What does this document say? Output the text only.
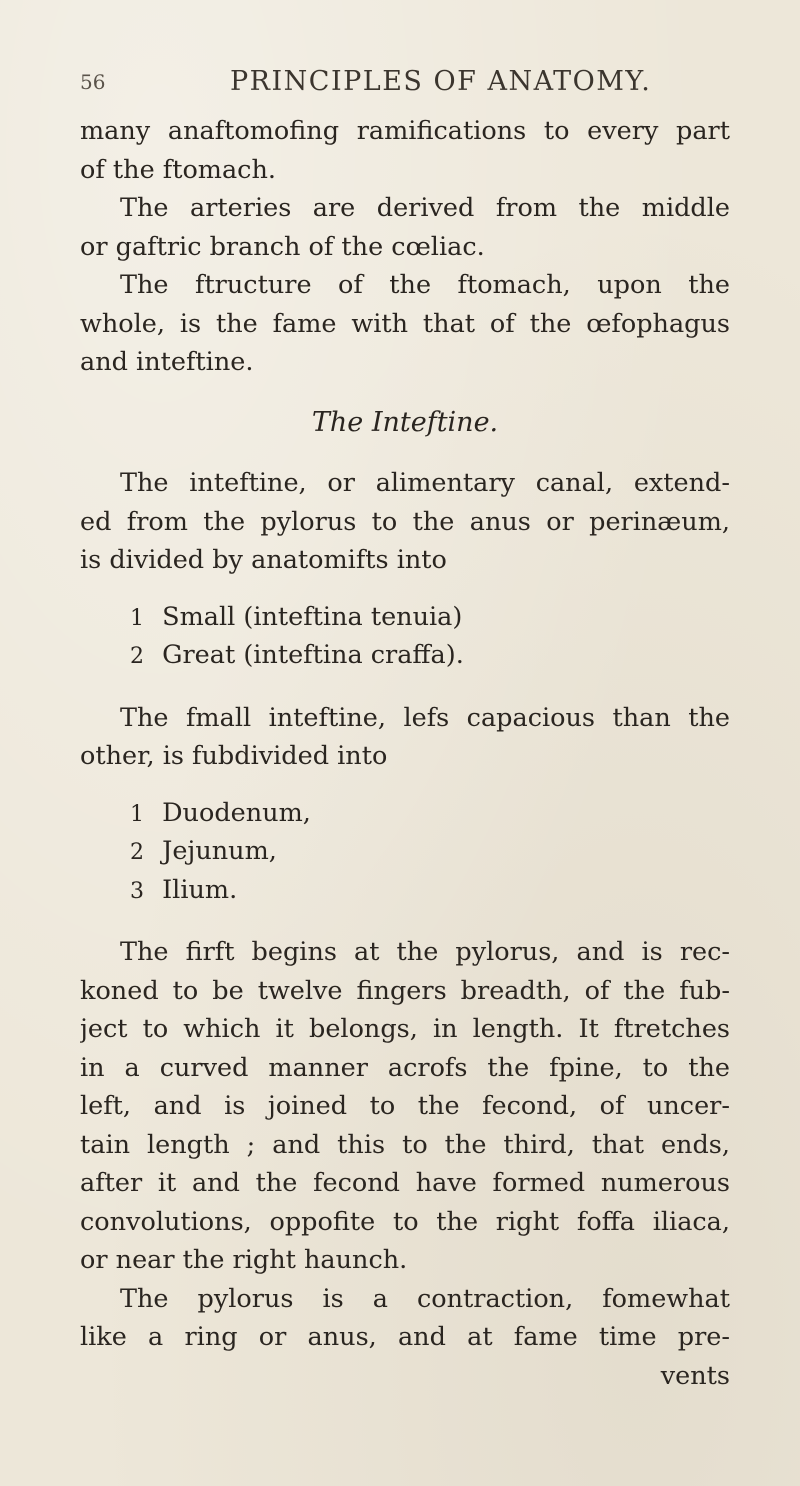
56	PRINCIPLES OF ANATOMY.
many anaftomofing ramifications to every part
of the ftomach.
The arteries are derived from the middle
or gaftric branch of the cœliac.
The ftructure of the ftomach, upon the
whole, is the fame with that of the œfophagus
and inteftine.
The Inteftine.
The inteftine, or alimentary canal, extend-
ed from the pylorus to the anus or perinæum,
is divided by anatomifts into
1 Small (inteftina tenuia)
2 Great (inteftina craffa).
The fmall inteftine, lefs capacious than the
other, is fubdivided into
1 Duodenum,
2 Jejunum,
3 Ilium.
The firft begins at the pylorus, and is rec-
koned to be twelve fingers breadth, of the fub-
ject to which it belongs, in length. It ftretches
in a curved manner acrofs the fpine, to the
left, and is joined to the fecond, of uncer-
tain length ; and this to the third, that ends,
after it and the fecond have formed numerous
convolutions, oppofite to the right foffa iliaca,
or near the right haunch.
The pylorus is a contraction, fomewhat
like a ring or anus, and at fame time pre-
vents
